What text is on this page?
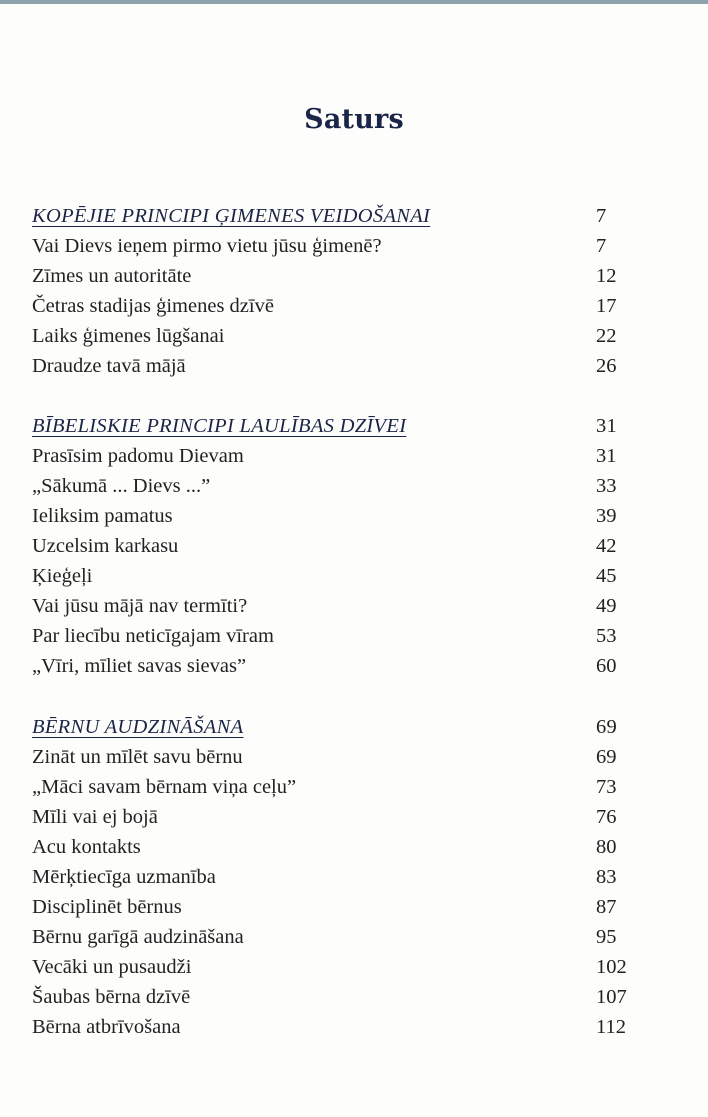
Saturs
KOPĒJIE PRINCIPI ĢIMENES VEIDOŠANAI	7
Vai Dievs ieņem pirmo vietu jūsu ģimenē?	7
Zīmes un autoritāte	12
Četras stadijas ģimenes dzīvē	17
Laiks ģimenes lūgšanai	22
Draudze tavā mājā	26
BĪBELISKIE PRINCIPI LAULĪBAS DZĪVEI	31
Prasīsim padomu Dievam	31
„Sākumā ... Dievs ...”	33
Ieliksim pamatus	39
Uzcelsim karkasu	42
Ķieģeļi	45
Vai jūsu mājā nav termīti?	49
Par liecību neticīgajam vīram	53
„Vīri, mīliet savas sievas”	60
BĒRNU AUDZINĀŠANA	69
Zināt un mīlēt savu bērnu	69
„Māci savam bērnam viņa ceļu”	73
Mīli vai ej bojā	76
Acu kontakts	80
Mērķtiecīga uzmanība	83
Disciplinēt bērnus	87
Bērnu garīgā audzināšana	95
Vecāki un pusaudži	102
Šaubas bērna dzīvē	107
Bērna atbrīvošana	112
